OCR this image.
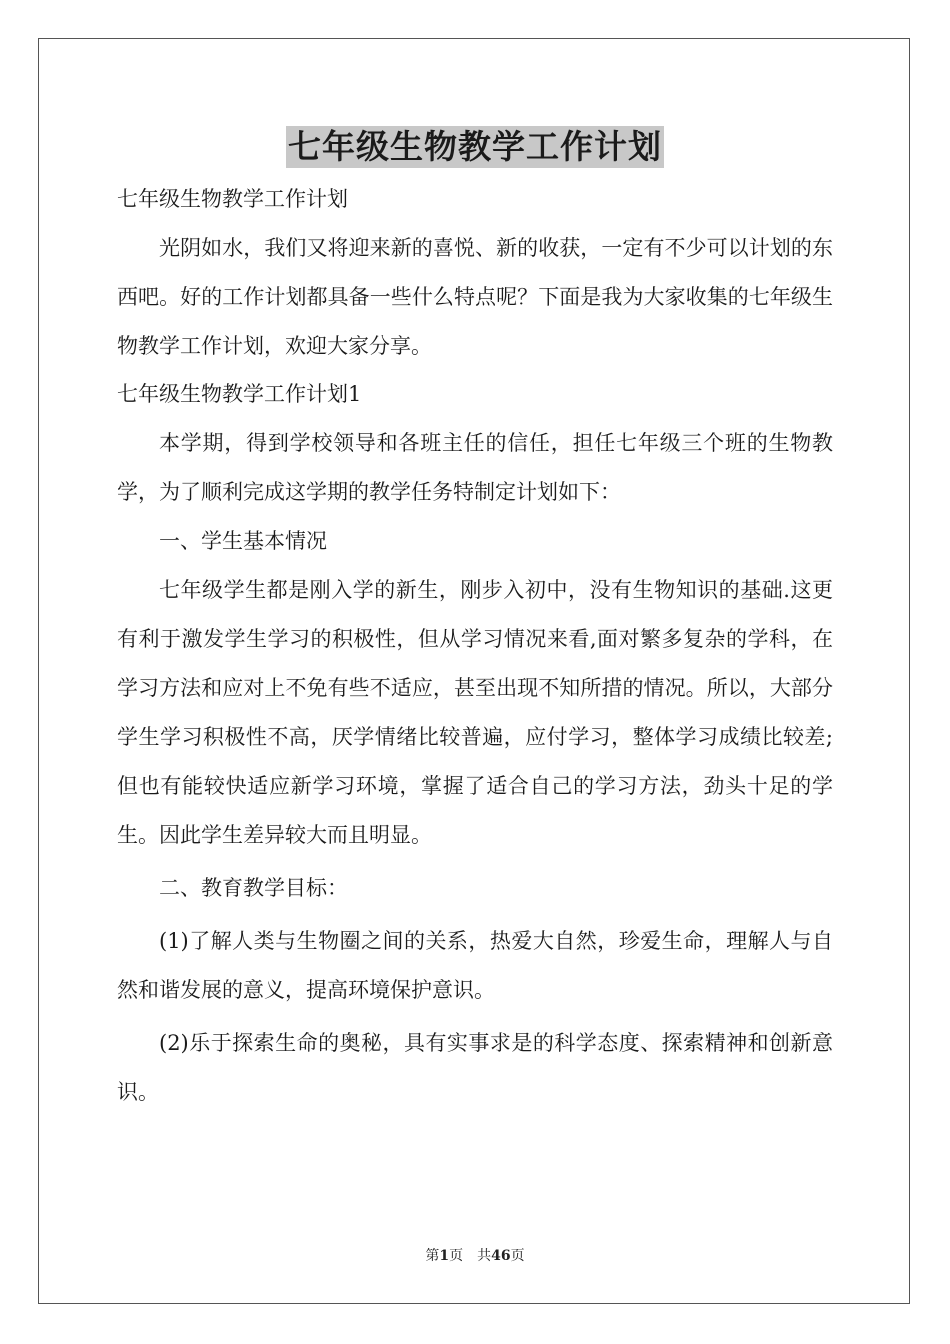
七年级生物教学工作计划

七年级生物教学工作计划

光阴如水，我们又将迎来新的喜悦、新的收获，一定有不少可以计划的东西吧。好的工作计划都具备一些什么特点呢？下面是我为大家收集的七年级生物教学工作计划，欢迎大家分享。

七年级生物教学工作计划1

本学期，得到学校领导和各班主任的信任，担任七年级三个班的生物教学，为了顺利完成这学期的教学任务特制定计划如下：

一、学生基本情况

七年级学生都是刚入学的新生，刚步入初中，没有生物知识的基础.这更有利于激发学生学习的积极性，但从学习情况来看,面对繁多复杂的学科，在学习方法和应对上不免有些不适应，甚至出现不知所措的情况。所以，大部分学生学习积极性不高，厌学情绪比较普遍，应付学习，整体学习成绩比较差;但也有能较快适应新学习环境，掌握了适合自己的学习方法，劲头十足的学生。因此学生差异较大而且明显。

二、教育教学目标：

(1)了解人类与生物圈之间的关系，热爱大自然，珍爱生命，理解人与自然和谐发展的意义，提高环境保护意识。

(2)乐于探索生命的奥秘，具有实事求是的科学态度、探索精神和创新意识。

第1页　共46页
